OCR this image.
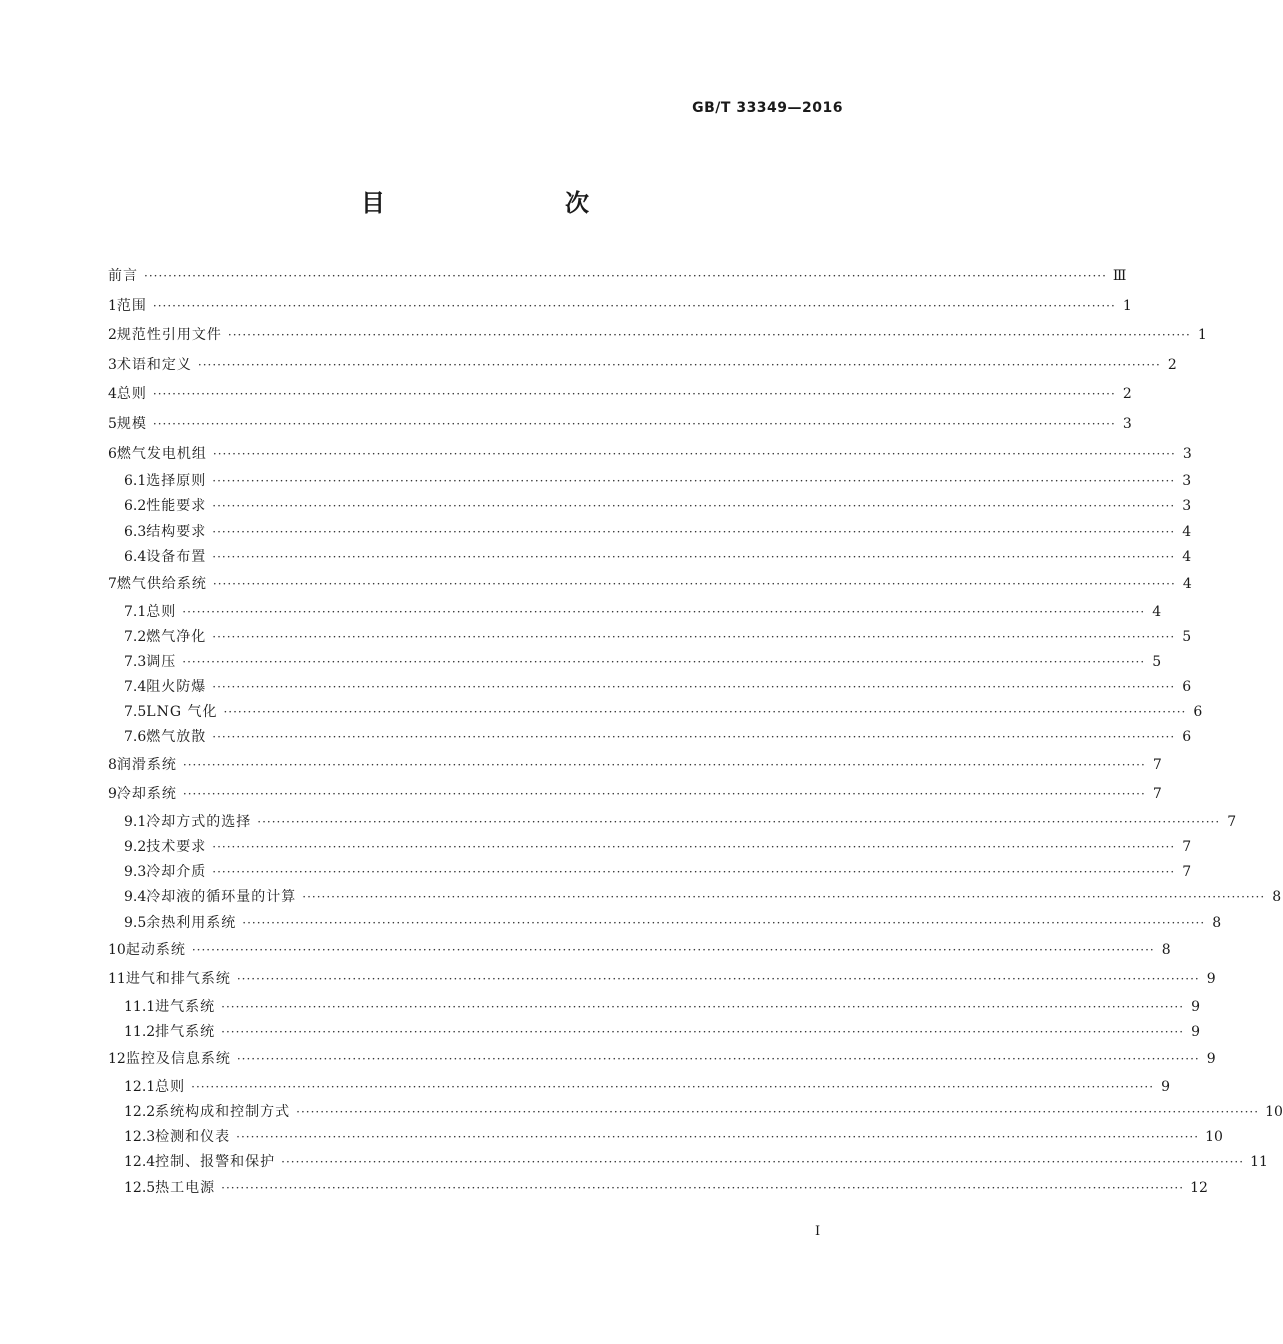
GB/T 33349—2016
目　　次
前言 ········································································································································································································ Ⅲ
1 范围 ········································································································································································································ 1
2 规范性引用文件 ········································································································································································································ 1
3 术语和定义 ········································································································································································································ 2
4 总则 ········································································································································································································ 2
5 规模 ········································································································································································································ 3
6 燃气发电机组 ········································································································································································································ 3
6.1 选择原则 ········································································································································································································ 3
6.2 性能要求 ········································································································································································································ 3
6.3 结构要求 ········································································································································································································ 4
6.4 设备布置 ········································································································································································································ 4
7 燃气供给系统 ········································································································································································································ 4
7.1 总则 ········································································································································································································ 4
7.2 燃气净化 ········································································································································································································ 5
7.3 调压 ········································································································································································································ 5
7.4 阻火防爆 ········································································································································································································ 6
7.5 LNG 气化 ········································································································································································································ 6
7.6 燃气放散 ········································································································································································································ 6
8 润滑系统 ········································································································································································································ 7
9 冷却系统 ········································································································································································································ 7
9.1 冷却方式的选择 ········································································································································································································ 7
9.2 技术要求 ········································································································································································································ 7
9.3 冷却介质 ········································································································································································································ 7
9.4 冷却液的循环量的计算 ········································································································································································································ 8
9.5 余热利用系统 ········································································································································································································ 8
10 起动系统 ········································································································································································································ 8
11 进气和排气系统 ········································································································································································································ 9
11.1 进气系统 ········································································································································································································ 9
11.2 排气系统 ········································································································································································································ 9
12 监控及信息系统 ········································································································································································································ 9
12.1 总则 ········································································································································································································ 9
12.2 系统构成和控制方式 ········································································································································································································ 10
12.3 检测和仪表 ········································································································································································································ 10
12.4 控制、报警和保护 ········································································································································································································ 11
12.5 热工电源 ········································································································································································································ 12
I
